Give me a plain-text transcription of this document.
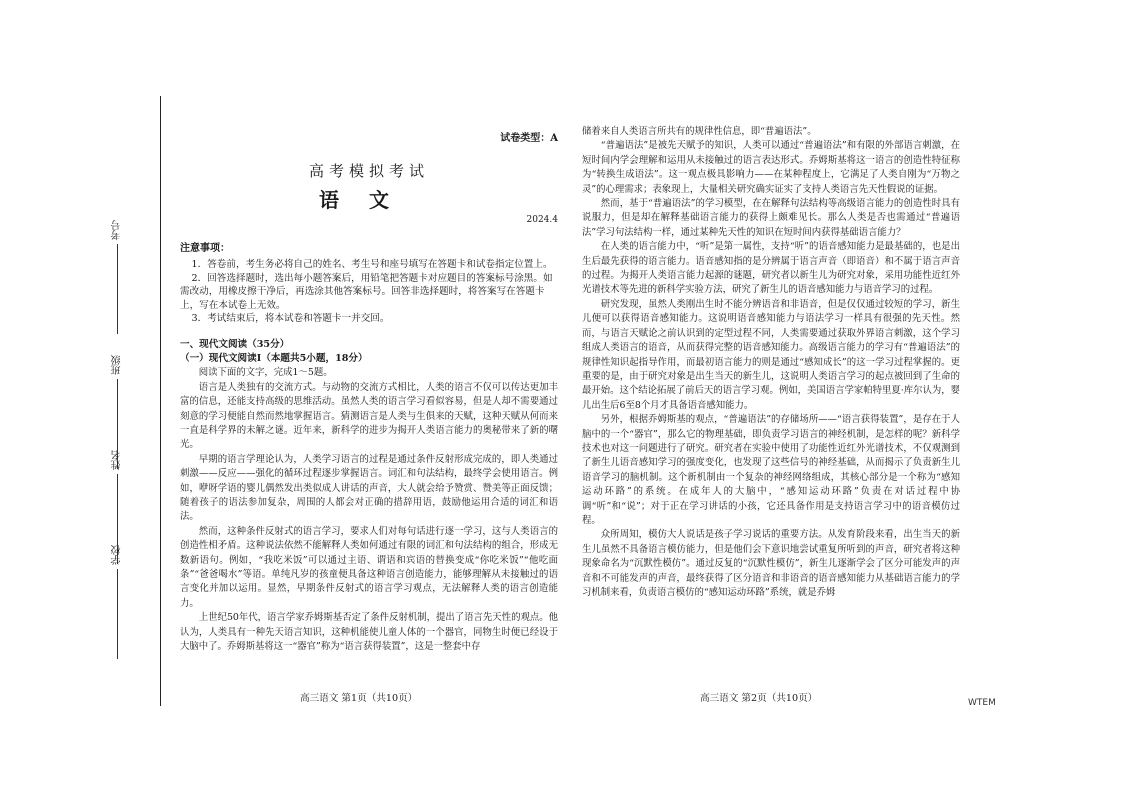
考号
班级
姓名
学校
试卷类型：A
高考模拟考试
语文
2024.4
注意事项：

1．答卷前，考生务必将自己的姓名、考生号和座号填写在答题卡和试卷指定位置上。

2．回答选择题时，选出每小题答案后，用铅笔把答题卡对应题目的答案标号涂黑。如需改动，用橡皮擦干净后，再选涂其他答案标号。回答非选择题时，将答案写在答题卡上，写在本试卷上无效。

3．考试结束后，将本试卷和答题卡一并交回。

一、现代文阅读（35分）
（一）现代文阅读Ⅰ（本题共5小题，18分）

阅读下面的文字，完成1～5题。

语言是人类独有的交流方式。与动物的交流方式相比，人类的语言不仅可以传达更加丰富的信息，还能支持高级的思维活动。虽然人类的语言学习看似容易，但是人却不需要通过刻意的学习便能自然而然地掌握语言。猜测语言是人类与生俱来的天赋，这种天赋从何而来一直是科学界的未解之谜。近年来，新科学的进步为揭开人类语言能力的奥秘带来了新的曙光。

早期的语言学理论认为，人类学习语言的过程是通过条件反射形成完成的，即人类通过刺激——反应——强化的循环过程逐步掌握语言。词汇和句法结构，最终学会使用语言。例如，咿呀学语的婴儿偶然发出类似成人讲话的声音，大人就会给予赞赏、赞美等正面反馈；随着孩子的语法参加复杂，周围的人都会对正确的措辞用语，鼓励他运用合适的词汇和语法。

然而，这种条件反射式的语言学习，要求人们对每句话进行逐一学习，这与人类语言的创造性相矛盾。这种说法依然不能解释人类如何通过有限的词汇和句法结构的组合，形成无数新语句。例如，“我吃米饭”可以通过主语、谓语和宾语的替换变成“你吃米饭”“他吃面条”“爸爸喝水”等语。单纯凡岁的孩童便具备这种语言创造能力，能够理解从未接触过的语言变化并加以运用。显然，早期条件反射式的语言学习观点，无法解释人类的语言创造能力。

上世纪50年代，语言学家乔姆斯基否定了条件反射机制，提出了语言先天性的观点。他认为，人类具有一种先天语言知识，这种机能使儿童人体的一个器官，同物生时便已经设于大脑中了。乔姆斯基将这一“器官”称为“语言获得装置”，这是一整套中存

储着来自人类语言所共有的规律性信息，即“普遍语法”。

“普遍语法”是被先天赋予的知识，人类可以通过“普遍语法”和有限的外部语言刺激，在短时间内学会理解和运用从未接触过的语言表达形式。乔姆斯基将这一语言的创造性特征称为“转换生成语法”。这一观点极具影响力——在某种程度上，它满足了人类自刚为“万物之灵”的心理需求；表象现上，大量相关研究确实证实了支持人类语言先天性假说的证据。

然而，基于“普遍语法”的学习模型，在在解释句法结构等高级语言能力的创造性时具有说服力，但是却在解释基础语言能力的获得上颇难见长。那么人类是否也需通过“普遍语法”学习句法结构一样，通过某种先天性的知识在短时间内获得基础语言能力？

在人类的语言能力中，“听”是第一属性，支持“听”的语音感知能力是最基础的，也是出生后最先获得的语言能力。语音感知指的是分辨属于语言声音（即语音）和不属于语言声音的过程。为揭开人类语言能力起源的谜题，研究者以新生儿为研究对象，采用功能性近红外光谱技术等先进的新科学实验方法，研究了新生儿的语音感知能力与语音学习的过程。

研究发现，虽然人类刚出生时不能分辨语音和非语音，但是仅仅通过较短的学习，新生儿便可以获得语音感知能力。这说明语音感知能力与语法学习一样具有很强的先天性。然而，与语言天赋论之前认识到的定型过程不同，人类需要通过获取外界语言刺激，这个学习组成人类语言的语音，从而获得完整的语音感知能力。高级语言能力的学习有“普遍语法”的规律性知识起指导作用，而最初语言能力的则是通过“感知成长”的这一学习过程掌握的。更重要的是，由于研究对象是出生当天的新生儿，这说明人类语言学习的起点被回到了生命的最开始。这个结论拓展了前后天的语言学习观。例如，美国语言学家帕特里夏·库尔认为，婴儿出生后6至8个月才具备语音感知能力。

另外，根据乔姆斯基的观点，“普遍语法”的存储场所——“语言获得装置”，是存在于人脑中的一个“器官”，那么它的物理基础，即负责学习语言的神经机制，是怎样的呢？新科学技术也对这一问题进行了研究。研究者在实验中使用了功能性近红外光谱技术，不仅观测到了新生儿语音感知学习的强度变化，也发现了这些信号的神经基础，从而揭示了负责新生儿语音学习的脑机制。这个新机制由一个复杂的神经网络组成，其核心部分是一个称为“感知运动环路”的系统。在成年人的大脑中，“感知运动环路”负责在对话过程中协调“听”和“说”；对于正在学习讲话的小孩，它还具备作用是支持语言学习中的语音模仿过程。

众所周知，模仿大人说话是孩子学习说话的重要方法。从发育阶段来看，出生当天的新生儿虽然不具备语言模仿能力，但是他们会下意识地尝试重复所听到的声音，研究者将这种现象命名为“沉默性模仿”。通过反复的“沉默性模仿”，新生儿逐渐学会了区分可能发声的声音和不可能发声的声音，最终获得了区分语音和非语音的语音感知能力从基础语言能力的学习机制来看，负责语言模仿的“感知运动环路”系统，就是乔姆

高三语文 第1页（共10页）	高三语文 第2页（共10页）	WTEM
